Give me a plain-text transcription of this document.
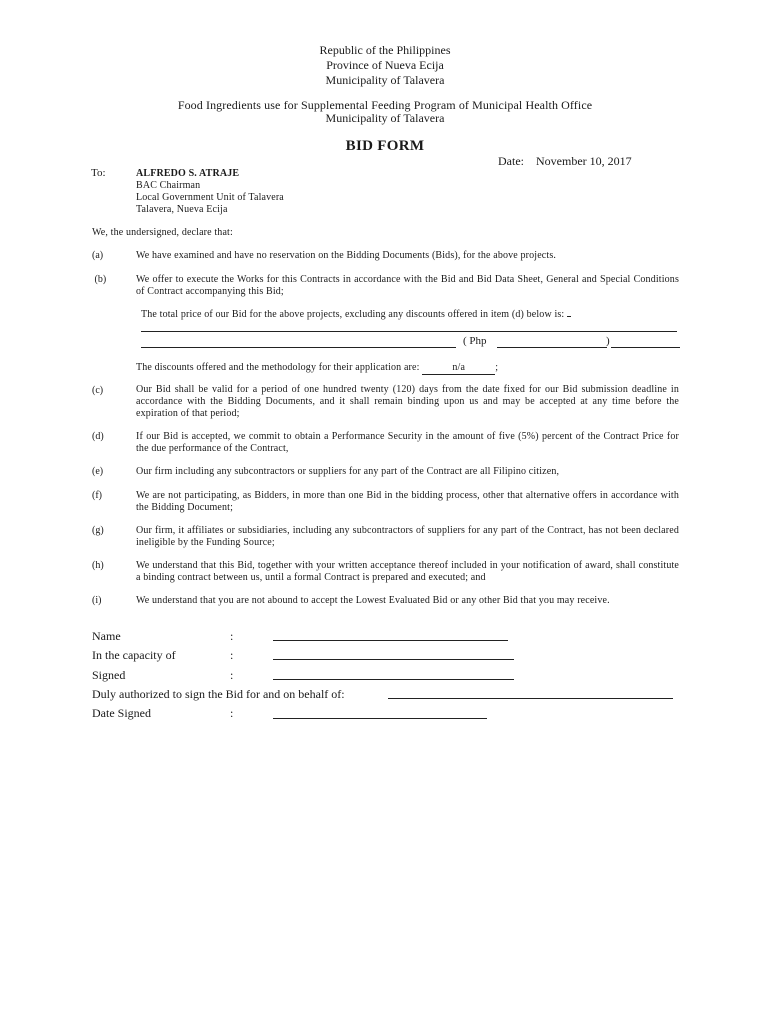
Republic of the Philippines
Province of Nueva Ecija
Municipality of Talavera
Food Ingredients use for Supplemental Feeding Program of Municipal Health Office
Municipality of Talavera
BID FORM
Date: November 10, 2017
To:	ALFREDO S. ATRAJE
BAC Chairman
Local Government Unit of Talavera
Talavera, Nueva Ecija
We, the undersigned, declare that:
(a)	We have examined and have no reservation on the Bidding Documents (Bids), for the above projects.
(b)	We offer to execute the Works for this Contracts in accordance with the Bid and Bid Data Sheet, General and Special Conditions of Contract accompanying this Bid;
The total price of our Bid for the above projects, excluding any discounts offered in item (d) below is:
( Php	)
The discounts offered and the methodology for their application are:	n/a	;
(c)	Our Bid shall be valid for a period of one hundred twenty (120) days from the date fixed for our Bid submission deadline in accordance with the Bidding Documents, and it shall remain binding upon us and may be accepted at any time before the expiration of that period;
(d)	If our Bid is accepted, we commit to obtain a Performance Security in the amount of five (5%) percent of the Contract Price for the due performance of the Contract,
(e)	Our firm including any subcontractors or suppliers for any part of the Contract are all Filipino citizen,
(f)	We are not participating, as Bidders, in more than one Bid in the bidding process, other that alternative offers in accordance with the Bidding Document;
(g)	Our firm, it affiliates or subsidiaries, including any subcontractors of suppliers for any part of the Contract, has not been declared ineligible by the Funding Source;
(h)	We understand that this Bid, together with your written acceptance thereof included in your notification of award, shall constitute a binding contract between us, until a formal Contract is prepared and executed; and
(i)	We understand that you are not abound to accept the Lowest Evaluated Bid or any other Bid that you may receive.
Name	:
In the capacity of	:
Signed	:
Duly authorized to sign the Bid for and on behalf of:
Date Signed	:
